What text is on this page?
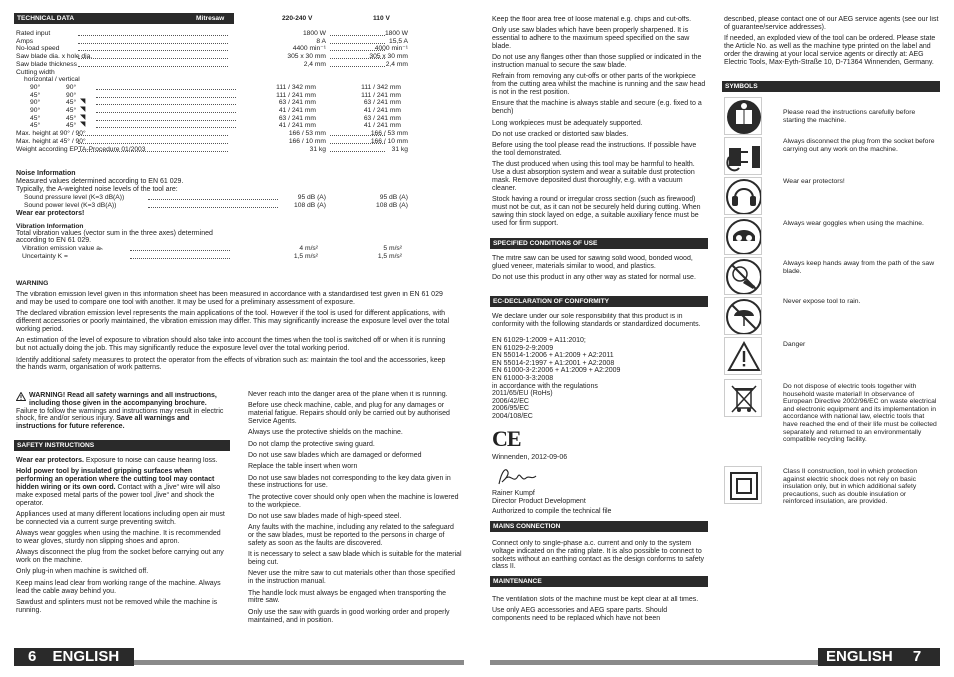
TECHNICAL DATA	Mitresaw	220-240 V	110 V
Rated input	1800 W	1800 W
Amps	8 A	15,5 A
No-load speed	4400 min⁻¹	4000 min⁻¹
Saw blade dia. x hole dia.	305 x 30 mm	305 x 30 mm
Saw blade thickness	2,4 mm	2,4 mm
Cutting width
horizontal / vertical
90°	90°	111 / 342 mm	111 / 342 mm
45°	90°	111 / 241 mm	111 / 241 mm
90°	45° ◥	63 / 241 mm	63 / 241 mm
90°	45° ◥	41 / 241 mm	41 / 241 mm
45°	45° ◥	63 / 241 mm	63 / 241 mm
45°	45° ◥	41 / 241 mm	41 / 241 mm
Max. height at 90° / 90°	166 / 53 mm	166 / 53 mm
Max. height at 45° / 90°	166 / 10 mm	166 / 10 mm
Weight according EPTA-Procedure 01/2003	31 kg	31 kg
Noise Information
Measured values determined according to EN 61 029.
Typically, the A-weighted noise levels of the tool are:
Sound pressure level (K=3 dB(A))	95 dB (A)	95 dB (A)
Sound power level (K=3 dB(A))	108 dB (A)	108 dB (A)
Wear ear protectors!
Vibration Information
Total vibration values (vector sum in the three axes) determined
according to EN 61 029.
Vibration emission value aₕ	4 m/s²	5 m/s²
Uncertainty K =	1,5 m/s²	1,5 m/s²
WARNING

The vibration emission level given in this information sheet has been measured in accordance with a standardised test given in EN 61 029 and may be used to compare one tool with another. It may be used for a preliminary assessment of exposure.

The declared vibration emission level represents the main applications of the tool. However if the tool is used for different applications, with different accessories or poorly maintained, the vibration emission may differ. This may significantly increase the exposure level over the total working period.

An estimation of the level of exposure to vibration should also take into account the times when the tool is switched off or when it is running but not actually doing the job. This may significantly reduce the exposure level over the total working period.

Identify additional safety measures to protect the operator from the effects of vibration such as: maintain the tool and the accessories, keep the hands warm, organisation of work patterns.

WARNING! Read all safety warnings and all instructions, including those given in the accompanying brochure. Failure to follow the warnings and instructions may result in electric shock, fire and/or serious injury. Save all warnings and instructions for future reference.
SAFETY INSTRUCTIONS

Wear ear protectors. Exposure to noise can cause hearing loss.

Hold power tool by insulated gripping surfaces when performing an operation where the cutting tool may contact hidden wiring or its own cord. Contact with a „live“ wire will also make exposed metal parts of the power tool „live“ and shock the operator.

Appliances used at many different locations including open air must be connected via a current surge preventing switch.

Always wear goggles when using the machine. It is recommended to wear gloves, sturdy non slipping shoes and apron.

Always disconnect the plug from the socket before carrying out any work on the machine.

Only plug-in when machine is switched off.

Keep mains lead clear from working range of the machine. Always lead the cable away behind you.

Sawdust and splinters must not be removed while the machine is running.

Never reach into the danger area of the plane when it is running.

Before use check machine, cable, and plug for any damages or material fatigue. Repairs should only be carried out by authorised Service Agents.

Always use the protective shields on the machine.

Do not clamp the protective swing guard.

Do not use saw blades which are damaged or deformed

Replace the table insert when worn

Do not use saw blades not corresponding to the key data given in these instructions for use.

The protective cover should only open when the machine is lowered to the workpiece.

Do not use saw blades made of high-speed steel.

Any faults with the machine, including any related to the safeguard or the saw blades, must be reported to the persons in charge of safety as soon as the faults are discovered.

It is necessary to select a saw blade which is suitable for the material being cut.

Never use the mitre saw to cut materials other than those specified in the instruction manual.

The handle lock must always be engaged when transporting the mitre saw.

Only use the saw with guards in good working order and properly maintained, and in position.

Keep the floor area free of loose material e.g. chips and cut-offs.

Only use saw blades which have been properly sharpened. It is essential to adhere to the maximum speed specified on the saw blade.

Do not use any flanges other than those supplied or indicated in the instruction manual to secure the saw blade.

Refrain from removing any cut-offs or other parts of the workpiece from the cutting area whilst the machine is running and the saw head is not in the rest position.

Ensure that the machine is always stable and secure (e.g. fixed to a bench)

Long workpieces must be adequately supported.

Do not use cracked or distorted saw blades.

Before using the tool please read the instructions. If possible have the tool demonstrated.

The dust produced when using this tool may be harmful to health. Use a dust absorption system and wear a suitable dust protection mask. Remove deposited dust thoroughly, e.g. with a vacuum cleaner.

Stock having a round or irregular cross section (such as firewood) must not be cut, as it can not be securely held during cutting. When sawing thin stock layed on edge, a suitable auxiliary fence must be used for firm support.

SPECIFIED CONDITIONS OF USE

The mitre saw can be used for sawing solid wood, bonded wood, glued veneer, materials similar to wood, and plastics.

Do not use this product in any other way as stated for normal use.

EC-DECLARATION OF CONFORMITY
We declare under our sole responsibility that this product is in conformity with the following standards or standardized documents.
EN 61029-1:2009 + A11:2010;
EN 61029-2-9:2009
EN 55014-1:2006 + A1:2009 + A2:2011
EN 55014-2:1997 + A1:2001 + A2:2008
EN 61000-3-2:2006 + A1:2009 + A2:2009
EN 61000-3-3:2008
in accordance with the regulations
2011/65/EU (RoHs)
2006/42/EC
2006/95/EC
2004/108/EC
CE
Winnenden, 2012-09-06
Rainer Kumpf
Director Product Development
Authorized to compile the technical file
MAINS CONNECTION
Connect only to single-phase a.c. current and only to the system voltage indicated on the rating plate. It is also possible to connect to sockets without an earthing contact as the design conforms to safety class II.
MAINTENANCE

The ventilation slots of the machine must be kept clear at all times.

Use only AEG accessories and AEG spare parts. Should components need to be replaced which have not been

described, please contact one of our AEG service agents (see our list of guarantee/service addresses).

If needed, an exploded view of the tool can be ordered. Please state the Article No. as well as the machine type printed on the label and order the drawing at your local service agents or directly at: AEG Electric Tools, Max-Eyth-Straße 10, D-71364 Winnenden, Germany.

SYMBOLS
Please read the instructions carefully before starting the machine.
Always disconnect the plug from the socket before carrying out any work on the machine.
Wear ear protectors!
Always wear goggles when using the machine.
Always keep hands away from the path of the saw blade.
Never expose tool to rain.
Danger
Do not dispose of electric tools together with household waste material! In observance of European Directive 2002/96/EC on waste electrical and electronic equipment and its implementation in accordance with national law, electric tools that have reached the end of their life must be collected separately and returned to an environmentally compatible recycling facility.
Class II construction, tool in which protection against electric shock does not rely on basic insulation only, but in which additional safety precautions, such as double insulation or reinforced insulation, are provided.
6 ENGLISH	ENGLISH 7
